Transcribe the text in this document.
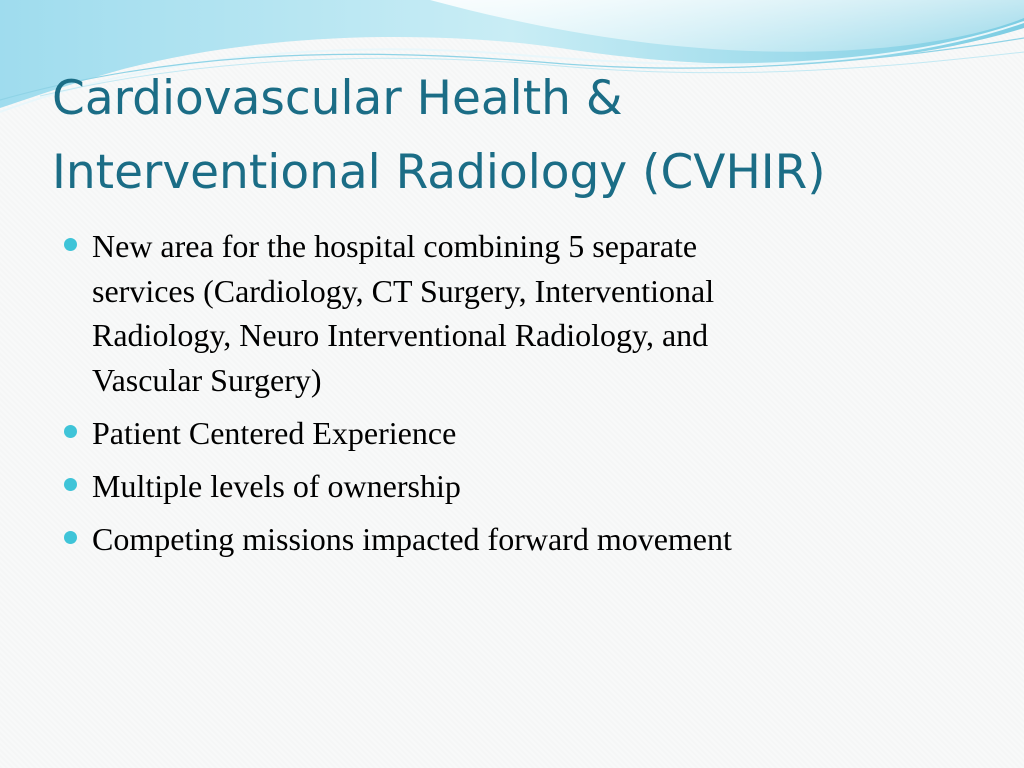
Cardiovascular Health &
Interventional Radiology (CVHIR)
New area for the hospital combining 5 separate
services (Cardiology, CT Surgery, Interventional
Radiology, Neuro Interventional Radiology, and
Vascular Surgery)
Patient Centered Experience
Multiple levels of ownership
Competing missions impacted forward movement
